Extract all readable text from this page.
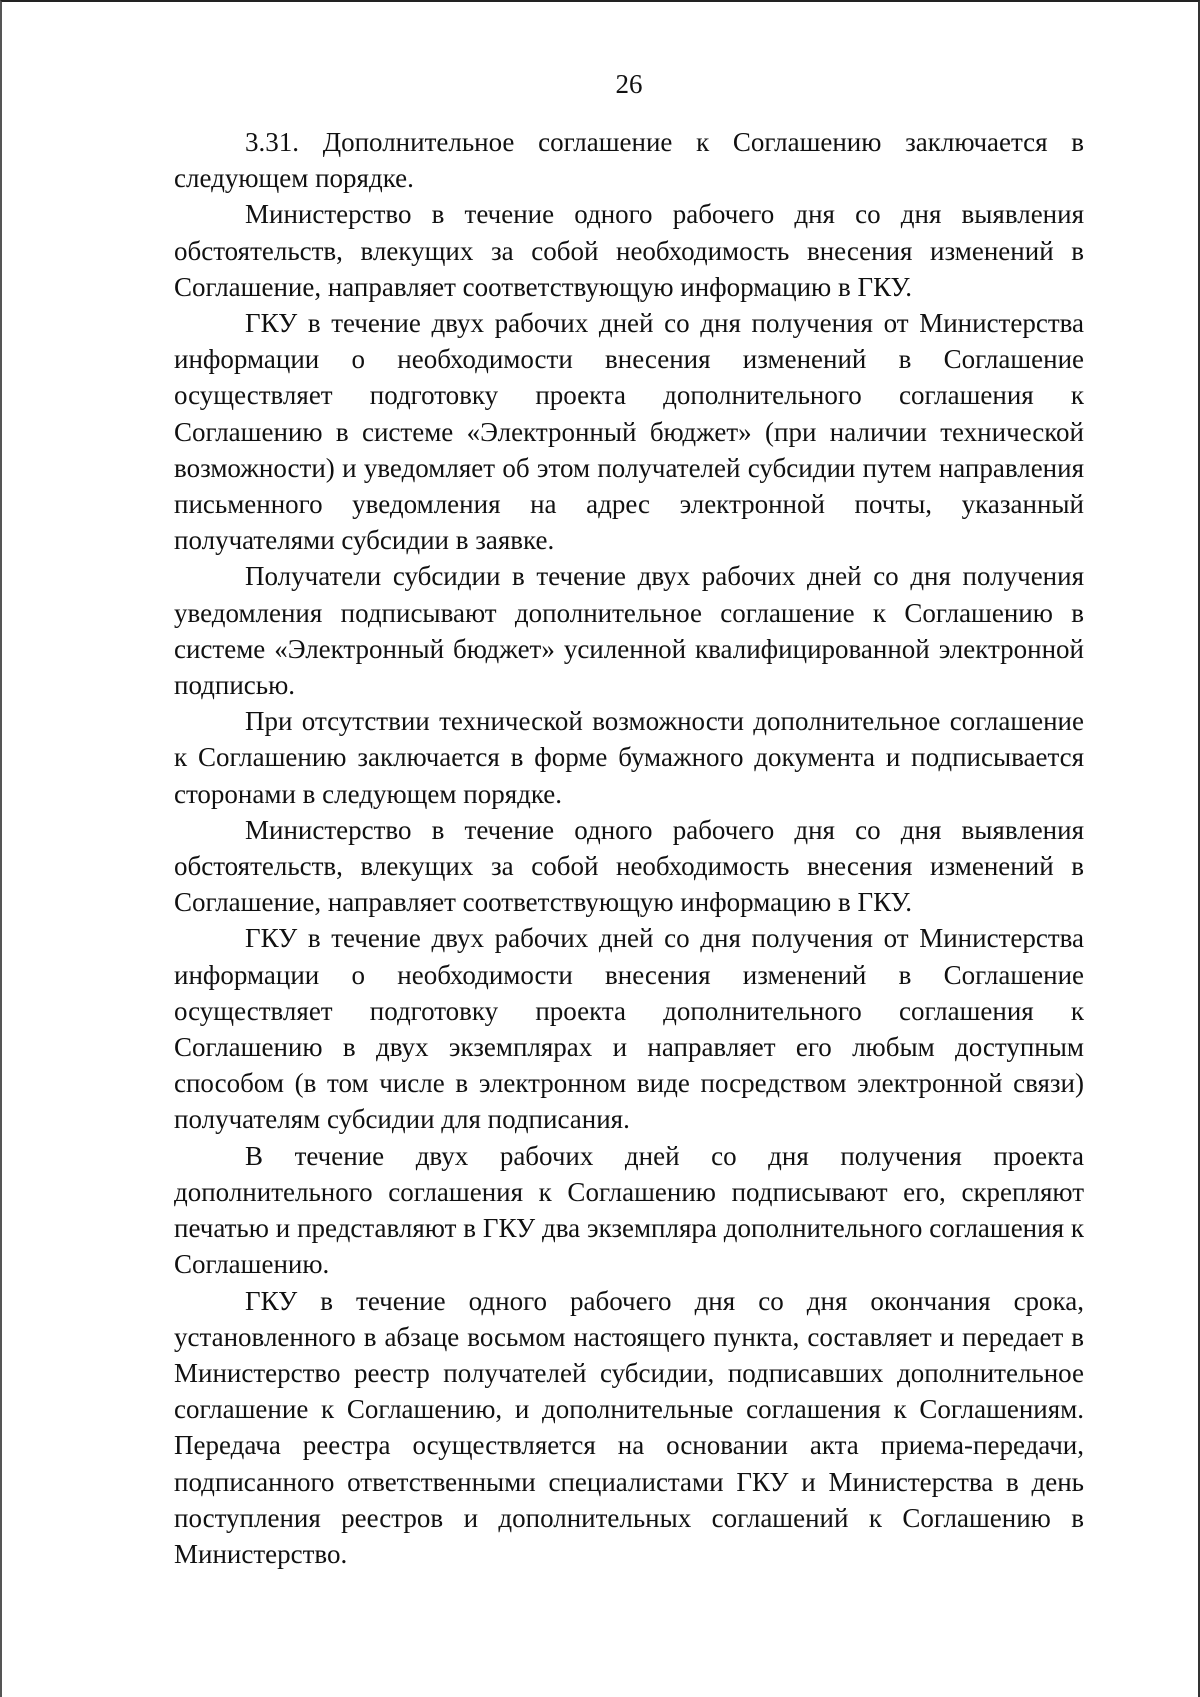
26

3.31. Дополнительное соглашение к Соглашению заключается в следующем порядке.

Министерство в течение одного рабочего дня со дня выявления обстоятельств, влекущих за собой необходимость внесения изменений в Соглашение, направляет соответствующую информацию в ГКУ.

ГКУ в течение двух рабочих дней со дня получения от Министерства информации о необходимости внесения изменений в Соглашение осуществляет подготовку проекта дополнительного соглашения к Соглашению в системе «Электронный бюджет» (при наличии технической возможности) и уведомляет об этом получателей субсидии путем направления письменного уведомления на адрес электронной почты, указанный получателями субсидии в заявке.

Получатели субсидии в течение двух рабочих дней со дня получения уведомления подписывают дополнительное соглашение к Соглашению в системе «Электронный бюджет» усиленной квалифицированной электронной подписью.

При отсутствии технической возможности дополнительное соглашение к Соглашению заключается в форме бумажного документа и подписывается сторонами в следующем порядке.

Министерство в течение одного рабочего дня со дня выявления обстоятельств, влекущих за собой необходимость внесения изменений в Соглашение, направляет соответствующую информацию в ГКУ.

ГКУ в течение двух рабочих дней со дня получения от Министерства информации о необходимости внесения изменений в Соглашение осуществляет подготовку проекта дополнительного соглашения к Соглашению в двух экземплярах и направляет его любым доступным способом (в том числе в электронном виде посредством электронной связи) получателям субсидии для подписания.

В течение двух рабочих дней со дня получения проекта дополнительного соглашения к Соглашению подписывают его, скрепляют печатью и представляют в ГКУ два экземпляра дополнительного соглашения к Соглашению.

ГКУ в течение одного рабочего дня со дня окончания срока, установленного в абзаце восьмом настоящего пункта, составляет и передает в Министерство реестр получателей субсидии, подписавших дополнительное соглашение к Соглашению, и дополнительные соглашения к Соглашениям. Передача реестра осуществляется на основании акта приема-передачи, подписанного ответственными специалистами ГКУ и Министерства в день поступления реестров и дополнительных соглашений к Соглашению в Министерство.
